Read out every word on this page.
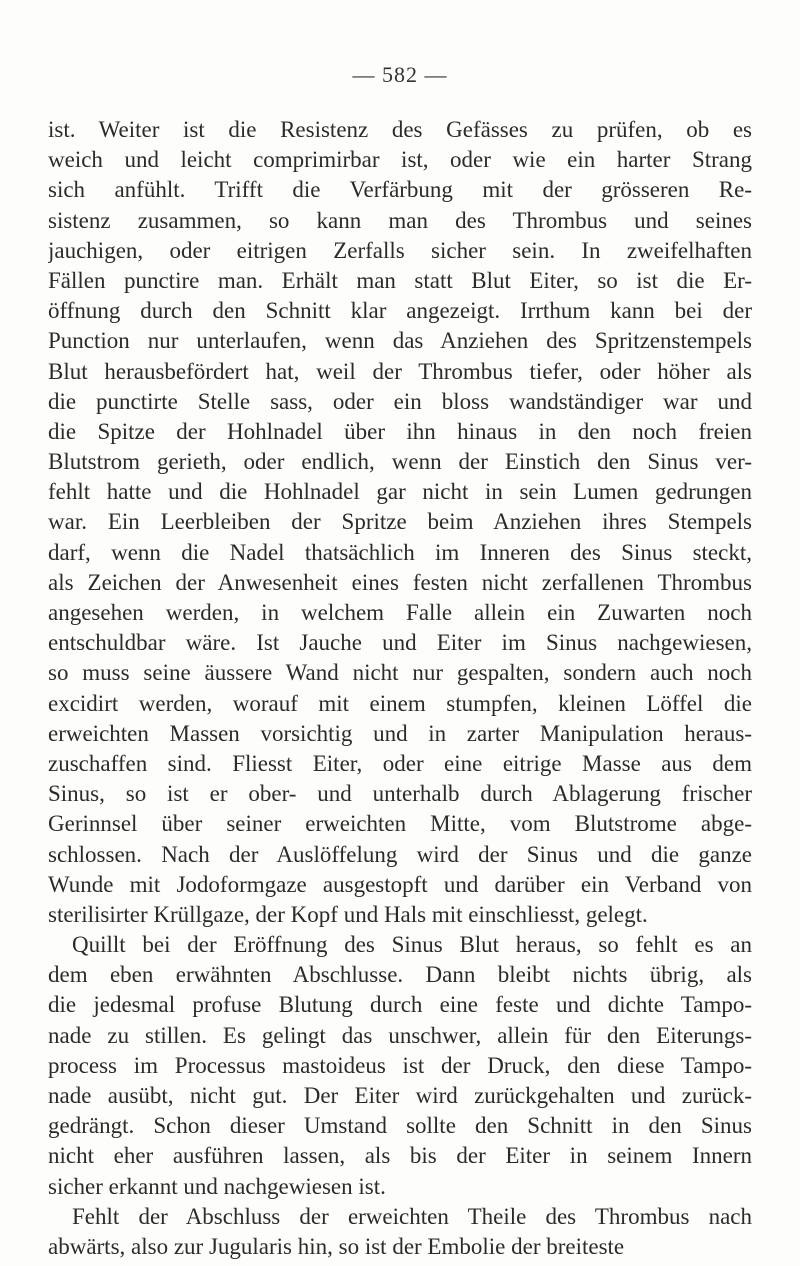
— 582 —
ist. Weiter ist die Resistenz des Gefässes zu prüfen, ob es
weich und leicht comprimirbar ist, oder wie ein harter Strang
sich anfühlt. Trifft die Verfärbung mit der grösseren Re-
sistenz zusammen, so kann man des Thrombus und seines
jauchigen, oder eitrigen Zerfalls sicher sein. In zweifelhaften
Fällen punctire man. Erhält man statt Blut Eiter, so ist die Er-
öffnung durch den Schnitt klar angezeigt. Irrthum kann bei der
Punction nur unterlaufen, wenn das Anziehen des Spritzenstempels
Blut herausbefördert hat, weil der Thrombus tiefer, oder höher als
die punctirte Stelle sass, oder ein bloss wandständiger war und
die Spitze der Hohlnadel über ihn hinaus in den noch freien
Blutstrom gerieth, oder endlich, wenn der Einstich den Sinus ver-
fehlt hatte und die Hohlnadel gar nicht in sein Lumen gedrungen
war. Ein Leerbleiben der Spritze beim Anziehen ihres Stempels
darf, wenn die Nadel thatsächlich im Inneren des Sinus steckt,
als Zeichen der Anwesenheit eines festen nicht zerfallenen Thrombus
angesehen werden, in welchem Falle allein ein Zuwarten noch
entschuldbar wäre. Ist Jauche und Eiter im Sinus nachgewiesen,
so muss seine äussere Wand nicht nur gespalten, sondern auch noch
excidirt werden, worauf mit einem stumpfen, kleinen Löffel die
erweichten Massen vorsichtig und in zarter Manipulation heraus-
zuschaffen sind. Fliesst Eiter, oder eine eitrige Masse aus dem
Sinus, so ist er ober- und unterhalb durch Ablagerung frischer
Gerinnsel über seiner erweichten Mitte, vom Blutstrome abge-
schlossen. Nach der Auslöffelung wird der Sinus und die ganze
Wunde mit Jodoformgaze ausgestopft und darüber ein Verband von
sterilisirter Krüllgaze, der Kopf und Hals mit einschliesst, gelegt.
Quillt bei der Eröffnung des Sinus Blut heraus, so fehlt es an
dem eben erwähnten Abschlusse. Dann bleibt nichts übrig, als
die jedesmal profuse Blutung durch eine feste und dichte Tampo-
nade zu stillen. Es gelingt das unschwer, allein für den Eiterungs-
process im Processus mastoideus ist der Druck, den diese Tampo-
nade ausübt, nicht gut. Der Eiter wird zurückgehalten und zurück-
gedrängt. Schon dieser Umstand sollte den Schnitt in den Sinus
nicht eher ausführen lassen, als bis der Eiter in seinem Innern
sicher erkannt und nachgewiesen ist.
Fehlt der Abschluss der erweichten Theile des Thrombus nach
abwärts, also zur Jugularis hin, so ist der Embolie der breiteste
